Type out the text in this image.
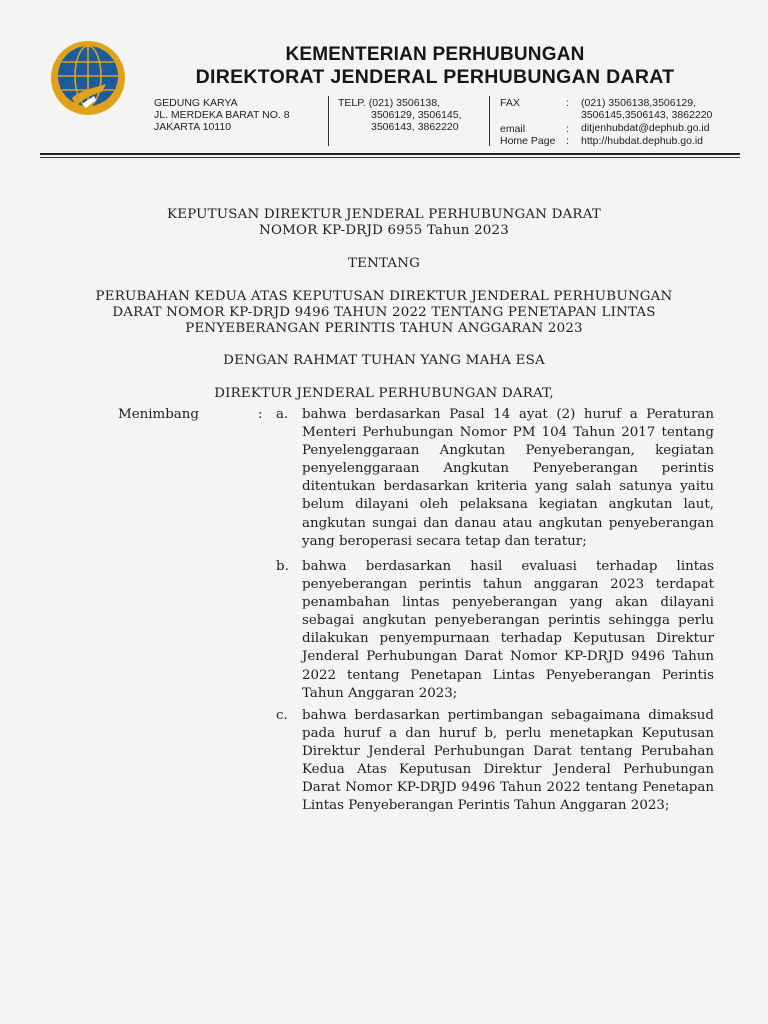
KEMENTERIAN PERHUBUNGAN
DIREKTORAT JENDERAL PERHUBUNGAN DARAT
GEDUNG KARYA
JL. MERDEKA BARAT NO. 8
JAKARTA 10110
TELP. (021) 3506138,
3506129, 3506145,
3506143, 3862220
FAX	: (021) 3506138,3506129,
3506145,3506143, 3862220
email	: ditjenhubdat@dephub.go.id
Home Page : http://hubdat.dephub.go.id
KEPUTUSAN DIREKTUR JENDERAL PERHUBUNGAN DARAT
NOMOR KP-DRJD 6955 Tahun 2023
TENTANG
PERUBAHAN KEDUA ATAS KEPUTUSAN DIREKTUR JENDERAL PERHUBUNGAN
DARAT NOMOR KP-DRJD 9496 TAHUN 2022 TENTANG PENETAPAN LINTAS
PENYEBERANGAN PERINTIS TAHUN ANGGARAN 2023
DENGAN RAHMAT TUHAN YANG MAHA ESA
DIREKTUR JENDERAL PERHUBUNGAN DARAT,
Menimbang	: a. bahwa berdasarkan Pasal 14 ayat (2) huruf a Peraturan Menteri Perhubungan Nomor PM 104 Tahun 2017 tentang Penyelenggaraan Angkutan Penyeberangan, kegiatan penyelenggaraan Angkutan Penyeberangan perintis ditentukan berdasarkan kriteria yang salah satunya yaitu belum dilayani oleh pelaksana kegiatan angkutan laut, angkutan sungai dan danau atau angkutan penyeberangan yang beroperasi secara tetap dan teratur;
b. bahwa berdasarkan hasil evaluasi terhadap lintas penyeberangan perintis tahun anggaran 2023 terdapat penambahan lintas penyeberangan yang akan dilayani sebagai angkutan penyeberangan perintis sehingga perlu dilakukan penyempurnaan terhadap Keputusan Direktur Jenderal Perhubungan Darat Nomor KP-DRJD 9496 Tahun 2022 tentang Penetapan Lintas Penyeberangan Perintis Tahun Anggaran 2023;
c. bahwa berdasarkan pertimbangan sebagaimana dimaksud pada huruf a dan huruf b, perlu menetapkan Keputusan Direktur Jenderal Perhubungan Darat tentang Perubahan Kedua Atas Keputusan Direktur Jenderal Perhubungan Darat Nomor KP-DRJD 9496 Tahun 2022 tentang Penetapan Lintas Penyeberangan Perintis Tahun Anggaran 2023;
